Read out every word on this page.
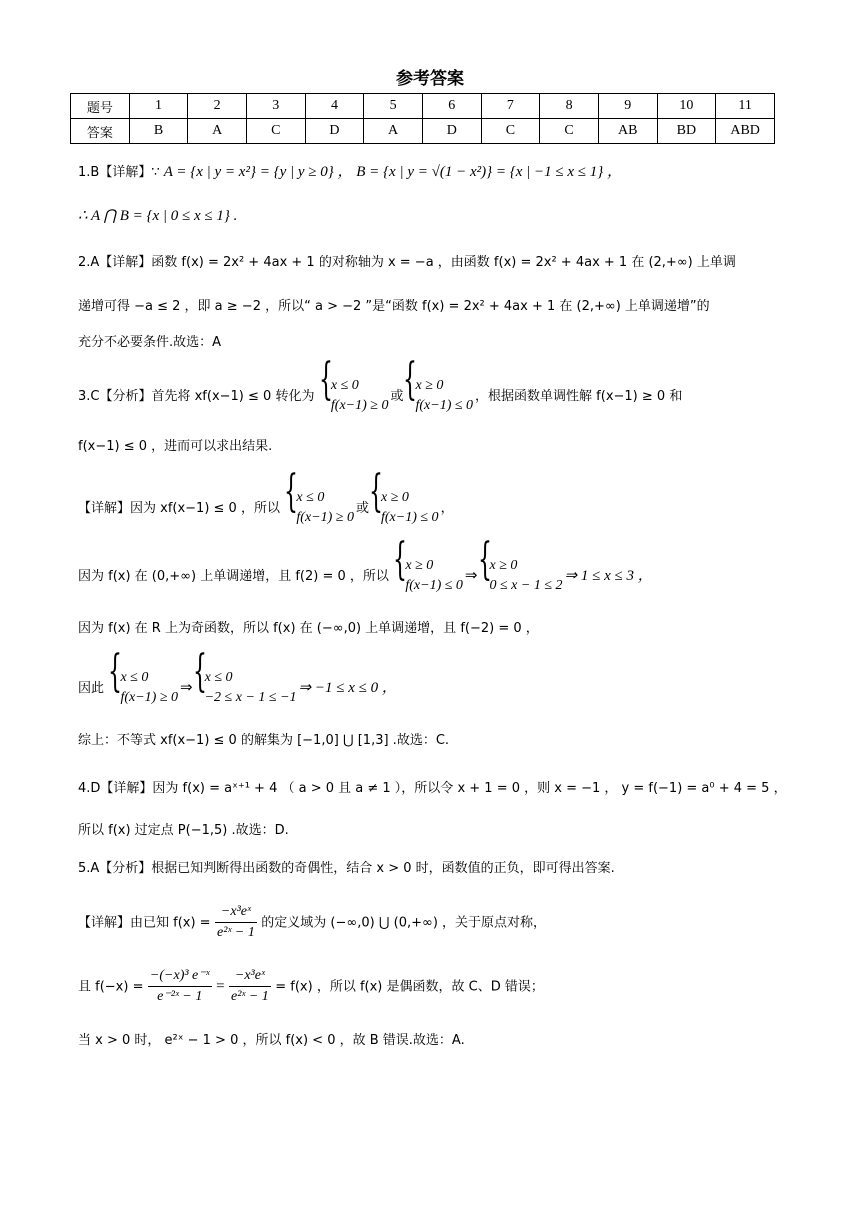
参考答案
题号	1	2	3	4	5	6	7	8	9	10	11
答案	B	A	C	D	A	D	C	C	AB	BD	ABD
1.B【详解】∵ A = {x | y = x²} = {y | y ≥ 0} ， B = {x | y = √(1 − x²)} = {x | −1 ≤ x ≤ 1} ，
∴ A ⋂ B = {x | 0 ≤ x ≤ 1} .
2.A【详解】函数 f(x) = 2x² + 4ax + 1 的对称轴为 x = −a ，由函数 f(x) = 2x² + 4ax + 1 在 (2,+∞) 上单调
递增可得 −a ≤ 2 ，即 a ≥ −2 ，所以“ a > −2 ”是“函数 f(x) = 2x² + 4ax + 1 在 (2,+∞) 上单调递增”的
充分不必要条件.故选：A
3.C【分析】首先将 xf(x−1) ≤ 0 转化为
{ x ≤ 0
f(x−1) ≥ 0
或
{ x ≥ 0
f(x−1) ≤ 0
，根据函数单调性解 f(x−1) ≥ 0 和
f(x−1) ≤ 0 ，进而可以求出结果.
【详解】因为 xf(x−1) ≤ 0 ，所以
{ x ≤ 0
f(x−1) ≥ 0
或
{ x ≥ 0
f(x−1) ≤ 0
，
因为 f(x) 在 (0,+∞) 上单调递增，且 f(2) = 0 ，所以
{ x ≥ 0
f(x−1) ≤ 0
⇒
{ x ≥ 0
0 ≤ x − 1 ≤ 2
⇒ 1 ≤ x ≤ 3 ，
因为 f(x) 在 R 上为奇函数，所以 f(x) 在 (−∞,0) 上单调递增，且 f(−2) = 0 ，
因此
{ x ≤ 0
f(x−1) ≥ 0
⇒
{ x ≤ 0
−2 ≤ x − 1 ≤ −1
⇒ −1 ≤ x ≤ 0 ，
综上：不等式 xf(x−1) ≤ 0 的解集为 [−1,0] ⋃ [1,3] .故选：C.
4.D【详解】因为 f(x) = aˣ⁺¹ + 4 （ a > 0 且 a ≠ 1 ），所以令 x + 1 = 0 ，则 x = −1 ， y = f(−1) = a⁰ + 4 = 5 ，
所以 f(x) 过定点 P(−1,5) .故选：D.
5.A【分析】根据已知判断得出函数的奇偶性，结合 x > 0 时，函数值的正负，即可得出答案.
【详解】由已知 $f(x) = \frac{\text{−x³eˣ}}{\text{e²ˣ − 1}}$ 的定义域为 (−∞,0) ⋃ (0,+∞) ，关于原点对称，
且 $f(-x) = \frac{\text{−(−x)³ e⁻ˣ}}{\text{e⁻²ˣ − 1}} = \frac{\text{−x³eˣ}}{\text{e²ˣ − 1}} = f(x)$ ，所以 f(x) 是偶函数，故 C、D 错误；
当 x > 0 时， e²ˣ − 1 > 0 ，所以 f(x) < 0 ，故 B 错误.故选：A.
